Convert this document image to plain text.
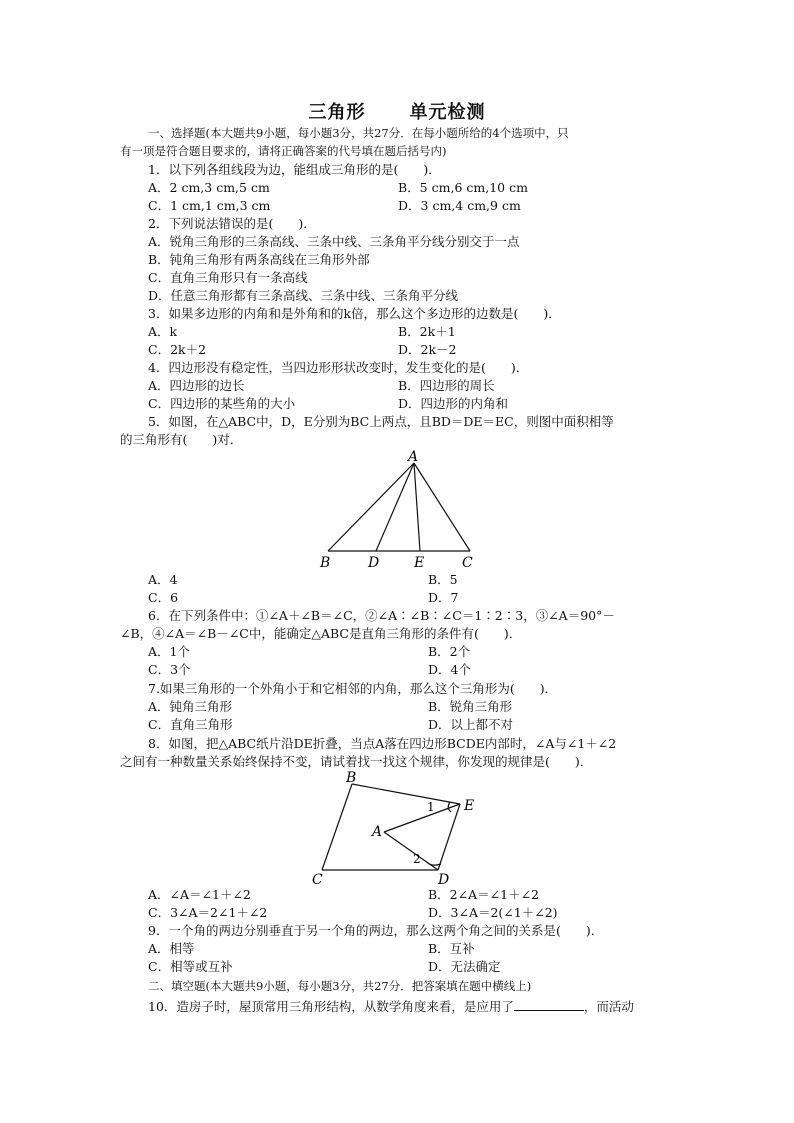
三角形 单元检测
一、选择题(本大题共9小题，每小题3分，共27分．在每小题所给的4个选项中，只
有一项是符合题目要求的，请将正确答案的代号填在题后括号内)
1．以下列各组线段为边，能组成三角形的是(　　)．
A．2 cm,3 cm,5 cm	B．5 cm,6 cm,10 cm
C．1 cm,1 cm,3 cm	D．3 cm,4 cm,9 cm
2．下列说法错误的是(　　)．
A．锐角三角形的三条高线、三条中线、三条角平分线分别交于一点
B．钝角三角形有两条高线在三角形外部
C．直角三角形只有一条高线
D．任意三角形都有三条高线、三条中线、三条角平分线
3．如果多边形的内角和是外角和的k倍，那么这个多边形的边数是(　　)．
A．k	B．2k＋1
C．2k＋2	D．2k－2
4．四边形没有稳定性，当四边形形状改变时，发生变化的是(　　)．
A．四边形的边长	B．四边形的周长
C．四边形的某些角的大小	D．四边形的内角和
5．如图，在△ABC中，D，E分别为BC上两点，且BD＝DE＝EC，则图中面积相等
的三角形有(　　)对．
A
B	D E	C
A．4	B．5
C．6	D．7
6．在下列条件中：①∠A＋∠B＝∠C，②∠A∶∠B∶∠C＝1∶2∶3，③∠A＝90°－
∠B，④∠A＝∠B－∠C中，能确定△ABC是直角三角形的条件有(　　)．
A．1个	B．2个
C．3个	D．4个
7.如果三角形的一个外角小于和它相邻的内角，那么这个三角形为(　　)．
A．钝角三角形	B．锐角三角形
C．直角三角形	D．以上都不对
8．如图，把△ABC纸片沿DE折叠，当点A落在四边形BCDE内部时，∠A与∠1＋∠2
之间有一种数量关系始终保持不变，请试着找一找这个规律，你发现的规律是(　　)．
B
C	D
E
A
1
2
A．∠A＝∠1＋∠2	B．2∠A＝∠1＋∠2
C．3∠A＝2∠1＋∠2	D．3∠A＝2(∠1＋∠2)
9．一个角的两边分别垂直于另一个角的两边，那么这两个角之间的关系是(　　)．
A．相等	B．互补
C．相等或互补	D．无法确定
二、填空题(本大题共9小题，每小题3分，共27分．把答案填在题中横线上)
10．造房子时，屋顶常用三角形结构，从数学角度来看，是应用了	，而活动
